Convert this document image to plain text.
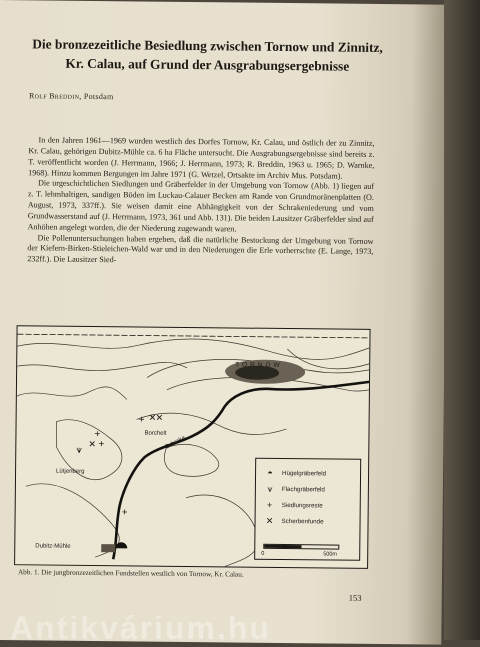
Die bronzezeitliche Besiedlung zwischen Tornow und Zinnitz,
Kr. Calau, auf Grund der Ausgrabungsergebnisse
Rolf Breddin, Potsdam

In den Jahren 1961—1969 wurden westlich des Dorfes Tornow, Kr. Calau, und östlich der zu Zinnitz, Kr. Calau, gehörigen Dubitz-Mühle ca. 6 ha Fläche untersucht. Die Ausgrabungsergebnisse sind bereits z. T. veröffentlicht worden (J. Herrmann, 1966; J. Herrmann, 1973; R. Breddin, 1963 u. 1965; D. Warnke, 1968). Hinzu kommen Bergungen im Jahre 1971 (G. Wetzel, Ortsakte im Archiv Mus. Potsdam).

Die urgeschichtlichen Siedlungen und Gräberfelder in der Umgebung von Tornow (Abb. 1) liegen auf z. T. lehmhaltigen, sandigen Böden im Luckau-Calauer Becken am Rande von Grundmoränenplatten (O. August, 1973, 337ff.). Sie weisen damit eine Abhängigkeit von der Schrakeniederung und vom Grundwasserstand auf (J. Herrmann, 1973, 361 und Abb. 131). Die beiden Lausitzer Gräberfelder sind auf Anhöhen angelegt worden, die der Niederung zugewandt waren.

Die Pollenuntersuchungen haben ergeben, daß die natürliche Bestockung der Umgebung von Tornow der Kiefern-Birken-Stieleichen-Wald war und in den Niederungen die Erle vorherrschte (E. Lange, 1973, 232ff.). Die Lausitzer Sied-

+ ✕ ✕
+
+
⩛
✕
+
TORNOW
Borchelt
Schrake
Lütjenberg
Dubitz-Mühle
◓	Hügelgräberfeld
⩛	Flachgräberfeld
+	Siedlungsreste
✕	Scherbenfunde
0	500m
Abb. 1. Die jungbronzezeitlichen Fundstellen westlich von Tornow, Kr. Calau.
153
Antikvárium.hu
